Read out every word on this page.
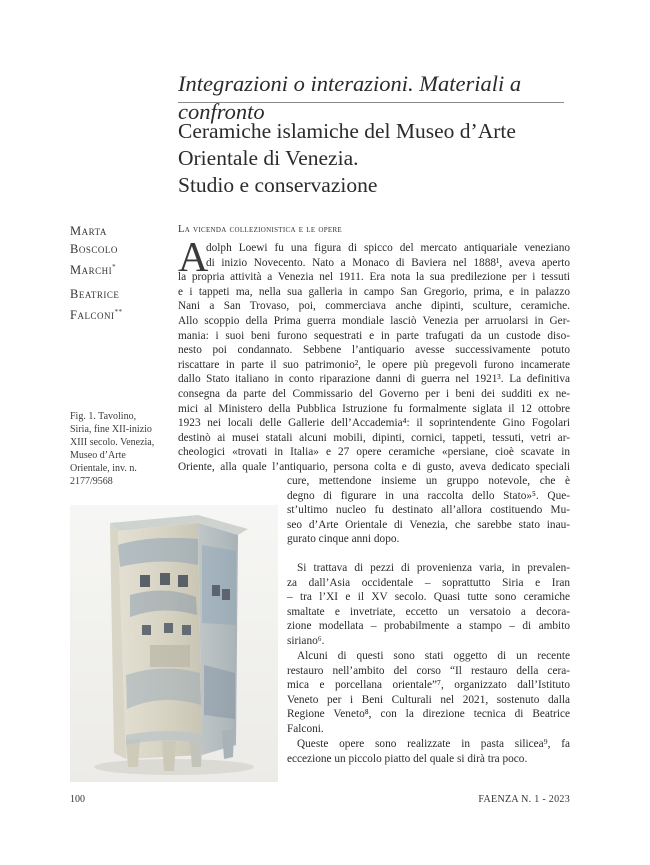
Integrazioni o interazioni. Materiali a confronto
Ceramiche islamiche del Museo d’Arte
Orientale di Venezia.
Studio e conservazione
Marta
Boscolo
Marchi*
Beatrice
Falconi**
Fig. 1. Tavolino,
Siria, fine XII-inizio
XIII secolo. Venezia,
Museo d’Arte
Orientale, inv. n.
2177/9568
La vicenda collezionistica e le opere
A
dolph Loewi fu una figura di spicco del mercato antiquariale veneziano
di inizio Novecento. Nato a Monaco di Baviera nel 1888¹, aveva aperto
la propria attività a Venezia nel 1911. Era nota la sua predilezione per i tessuti
e i tappeti ma, nella sua galleria in campo San Gregorio, prima, e in palazzo
Nani a San Trovaso, poi, commerciava anche dipinti, sculture, ceramiche.
Allo scoppio della Prima guerra mondiale lasciò Venezia per arruolarsi in Ger-
mania: i suoi beni furono sequestrati e in parte trafugati da un custode diso-
nesto poi condannato. Sebbene l’antiquario avesse successivamente potuto
riscattare in parte il suo patrimonio², le opere più pregevoli furono incamerate
dallo Stato italiano in conto riparazione danni di guerra nel 1921³. La definitiva
consegna da parte del Commissario del Governo per i beni dei sudditi ex ne-
mici al Ministero della Pubblica Istruzione fu formalmente siglata il 12 ottobre
1923 nei locali delle Gallerie dell’Accademia⁴: il soprintendente Gino Fogolari
destinò ai musei statali alcuni mobili, dipinti, cornici, tappeti, tessuti, vetri ar-
cheologici «trovati in Italia» e 27 opere ceramiche «persiane, cioè scavate in
Oriente, alla quale l’antiquario, persona colta e di gusto, aveva dedicato speciali
cure, mettendone insieme un gruppo notevole, che è
degno di figurare in una raccolta dello Stato»⁵. Que-
st’ultimo nucleo fu destinato all’allora costituendo Mu-
seo d’Arte Orientale di Venezia, che sarebbe stato inau-
gurato cinque anni dopo.
Si trattava di pezzi di provenienza varia, in prevalen-
za dall’Asia occidentale – soprattutto Siria e Iran
– tra l’XI e il XV secolo. Quasi tutte sono ceramiche
smaltate e invetriate, eccetto un versatoio a decora-
zione modellata – probabilmente a stampo – di ambito
siriano⁶.
Alcuni di questi sono stati oggetto di un recente
restauro nell’ambito del corso “Il restauro della cera-
mica e porcellana orientale”⁷, organizzato dall’Istituto
Veneto per i Beni Culturali nel 2021, sostenuto dalla
Regione Veneto⁸, con la direzione tecnica di Beatrice
Falconi.
Queste opere sono realizzate in pasta silicea⁹, fa
eccezione un piccolo piatto del quale si dirà tra poco.
100	FAENZA N. 1 - 2023
